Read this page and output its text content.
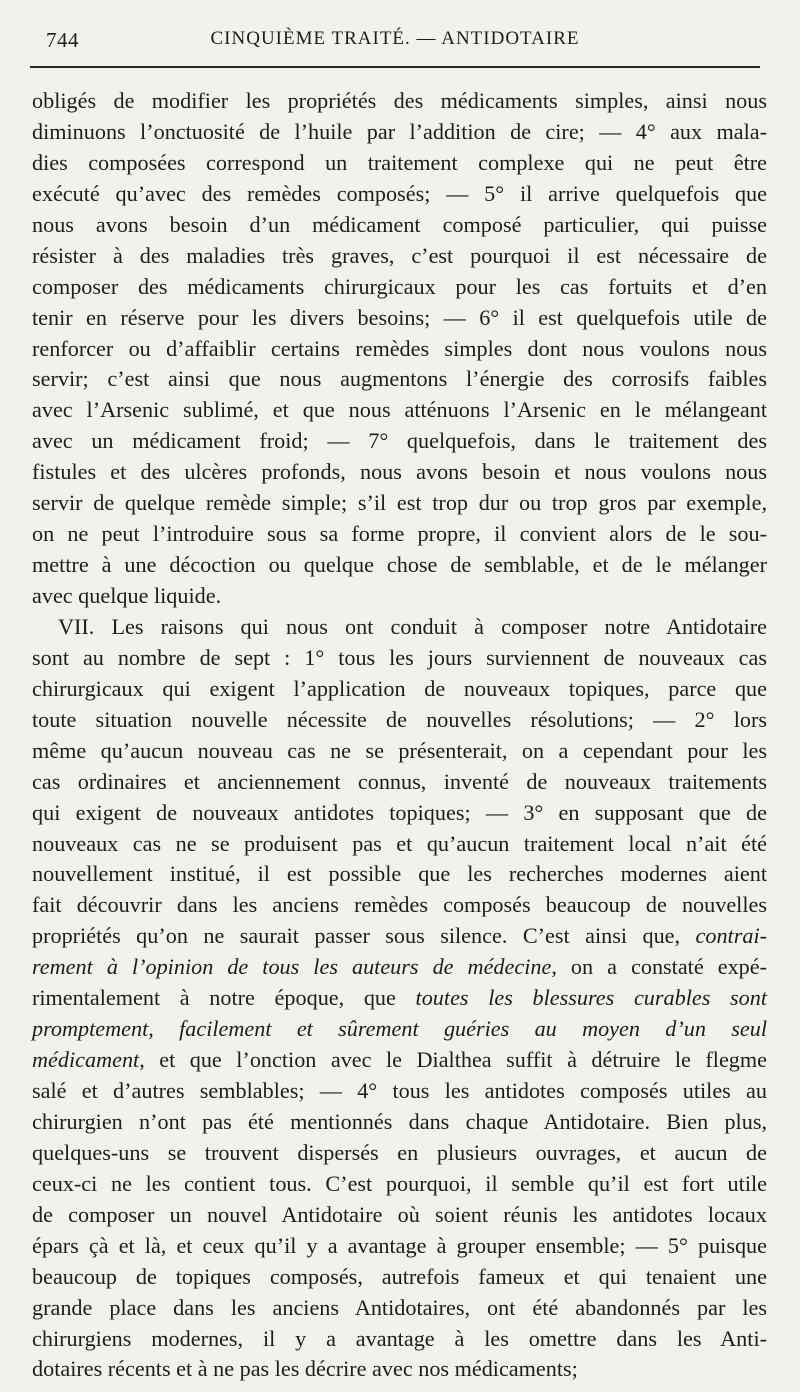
744	CINQUIÈME TRAITÉ. — ANTIDOTAIRE
obligés de modifier les propriétés des médicaments simples, ainsi nous
diminuons l’onctuosité de l’huile par l’addition de cire; — 4° aux mala-
dies composées correspond un traitement complexe qui ne peut être
exécuté qu’avec des remèdes composés; — 5° il arrive quelquefois que
nous avons besoin d’un médicament composé particulier, qui puisse
résister à des maladies très graves, c’est pourquoi il est nécessaire de
composer des médicaments chirurgicaux pour les cas fortuits et d’en
tenir en réserve pour les divers besoins; — 6° il est quelquefois utile de
renforcer ou d’affaiblir certains remèdes simples dont nous voulons nous
servir; c’est ainsi que nous augmentons l’énergie des corrosifs faibles
avec l’Arsenic sublimé, et que nous atténuons l’Arsenic en le mélangeant
avec un médicament froid; — 7° quelquefois, dans le traitement des
fistules et des ulcères profonds, nous avons besoin et nous voulons nous
servir de quelque remède simple; s’il est trop dur ou trop gros par exemple,
on ne peut l’introduire sous sa forme propre, il convient alors de le sou-
mettre à une décoction ou quelque chose de semblable, et de le mélanger
avec quelque liquide.
VII. Les raisons qui nous ont conduit à composer notre Antidotaire
sont au nombre de sept : 1° tous les jours surviennent de nouveaux cas
chirurgicaux qui exigent l’application de nouveaux topiques, parce que
toute situation nouvelle nécessite de nouvelles résolutions; — 2° lors
même qu’aucun nouveau cas ne se présenterait, on a cependant pour les
cas ordinaires et anciennement connus, inventé de nouveaux traitements
qui exigent de nouveaux antidotes topiques; — 3° en supposant que de
nouveaux cas ne se produisent pas et qu’aucun traitement local n’ait été
nouvellement institué, il est possible que les recherches modernes aient
fait découvrir dans les anciens remèdes composés beaucoup de nouvelles
propriétés qu’on ne saurait passer sous silence. C’est ainsi que, contrai-
rement à l’opinion de tous les auteurs de médecine, on a constaté expé-
rimentalement à notre époque, que toutes les blessures curables sont
promptement, facilement et sûrement guéries au moyen d’un seul
médicament, et que l’onction avec le Dialthea suffit à détruire le flegme
salé et d’autres semblables; — 4° tous les antidotes composés utiles au
chirurgien n’ont pas été mentionnés dans chaque Antidotaire. Bien plus,
quelques-uns se trouvent dispersés en plusieurs ouvrages, et aucun de
ceux-ci ne les contient tous. C’est pourquoi, il semble qu’il est fort utile
de composer un nouvel Antidotaire où soient réunis les antidotes locaux
épars çà et là, et ceux qu’il y a avantage à grouper ensemble; — 5° puisque
beaucoup de topiques composés, autrefois fameux et qui tenaient une
grande place dans les anciens Antidotaires, ont été abandonnés par les
chirurgiens modernes, il y a avantage à les omettre dans les Anti-
dotaires récents et à ne pas les décrire avec nos médicaments;
